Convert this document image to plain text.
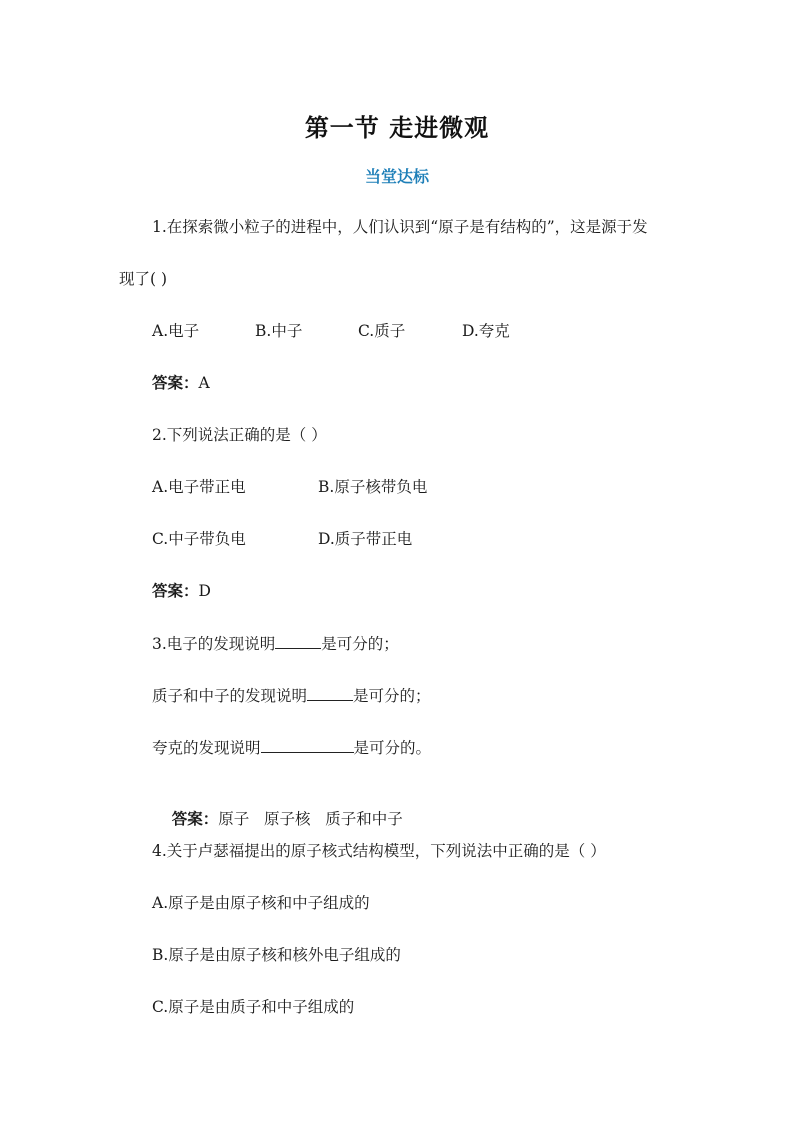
第一节 走进微观
当堂达标
1.在探索微小粒子的进程中，人们认识到“原子是有结构的”，这是源于发
现了( )
A.电子	B.中子	C.质子	D.夸克
答案：A
2.下列说法正确的是（ ）
A.电子带正电	B.原子核带负电
C.中子带负电	D.质子带正电
答案：D
3.电子的发现说明	是可分的；
质子和中子的发现说明	是可分的；
夸克的发现说明	是可分的。

答案：原子   原子核   质子和中子

4.关于卢瑟福提出的原子核式结构模型，下列说法中正确的是（ ）
A.原子是由原子核和中子组成的
B.原子是由原子核和核外电子组成的
C.原子是由质子和中子组成的
